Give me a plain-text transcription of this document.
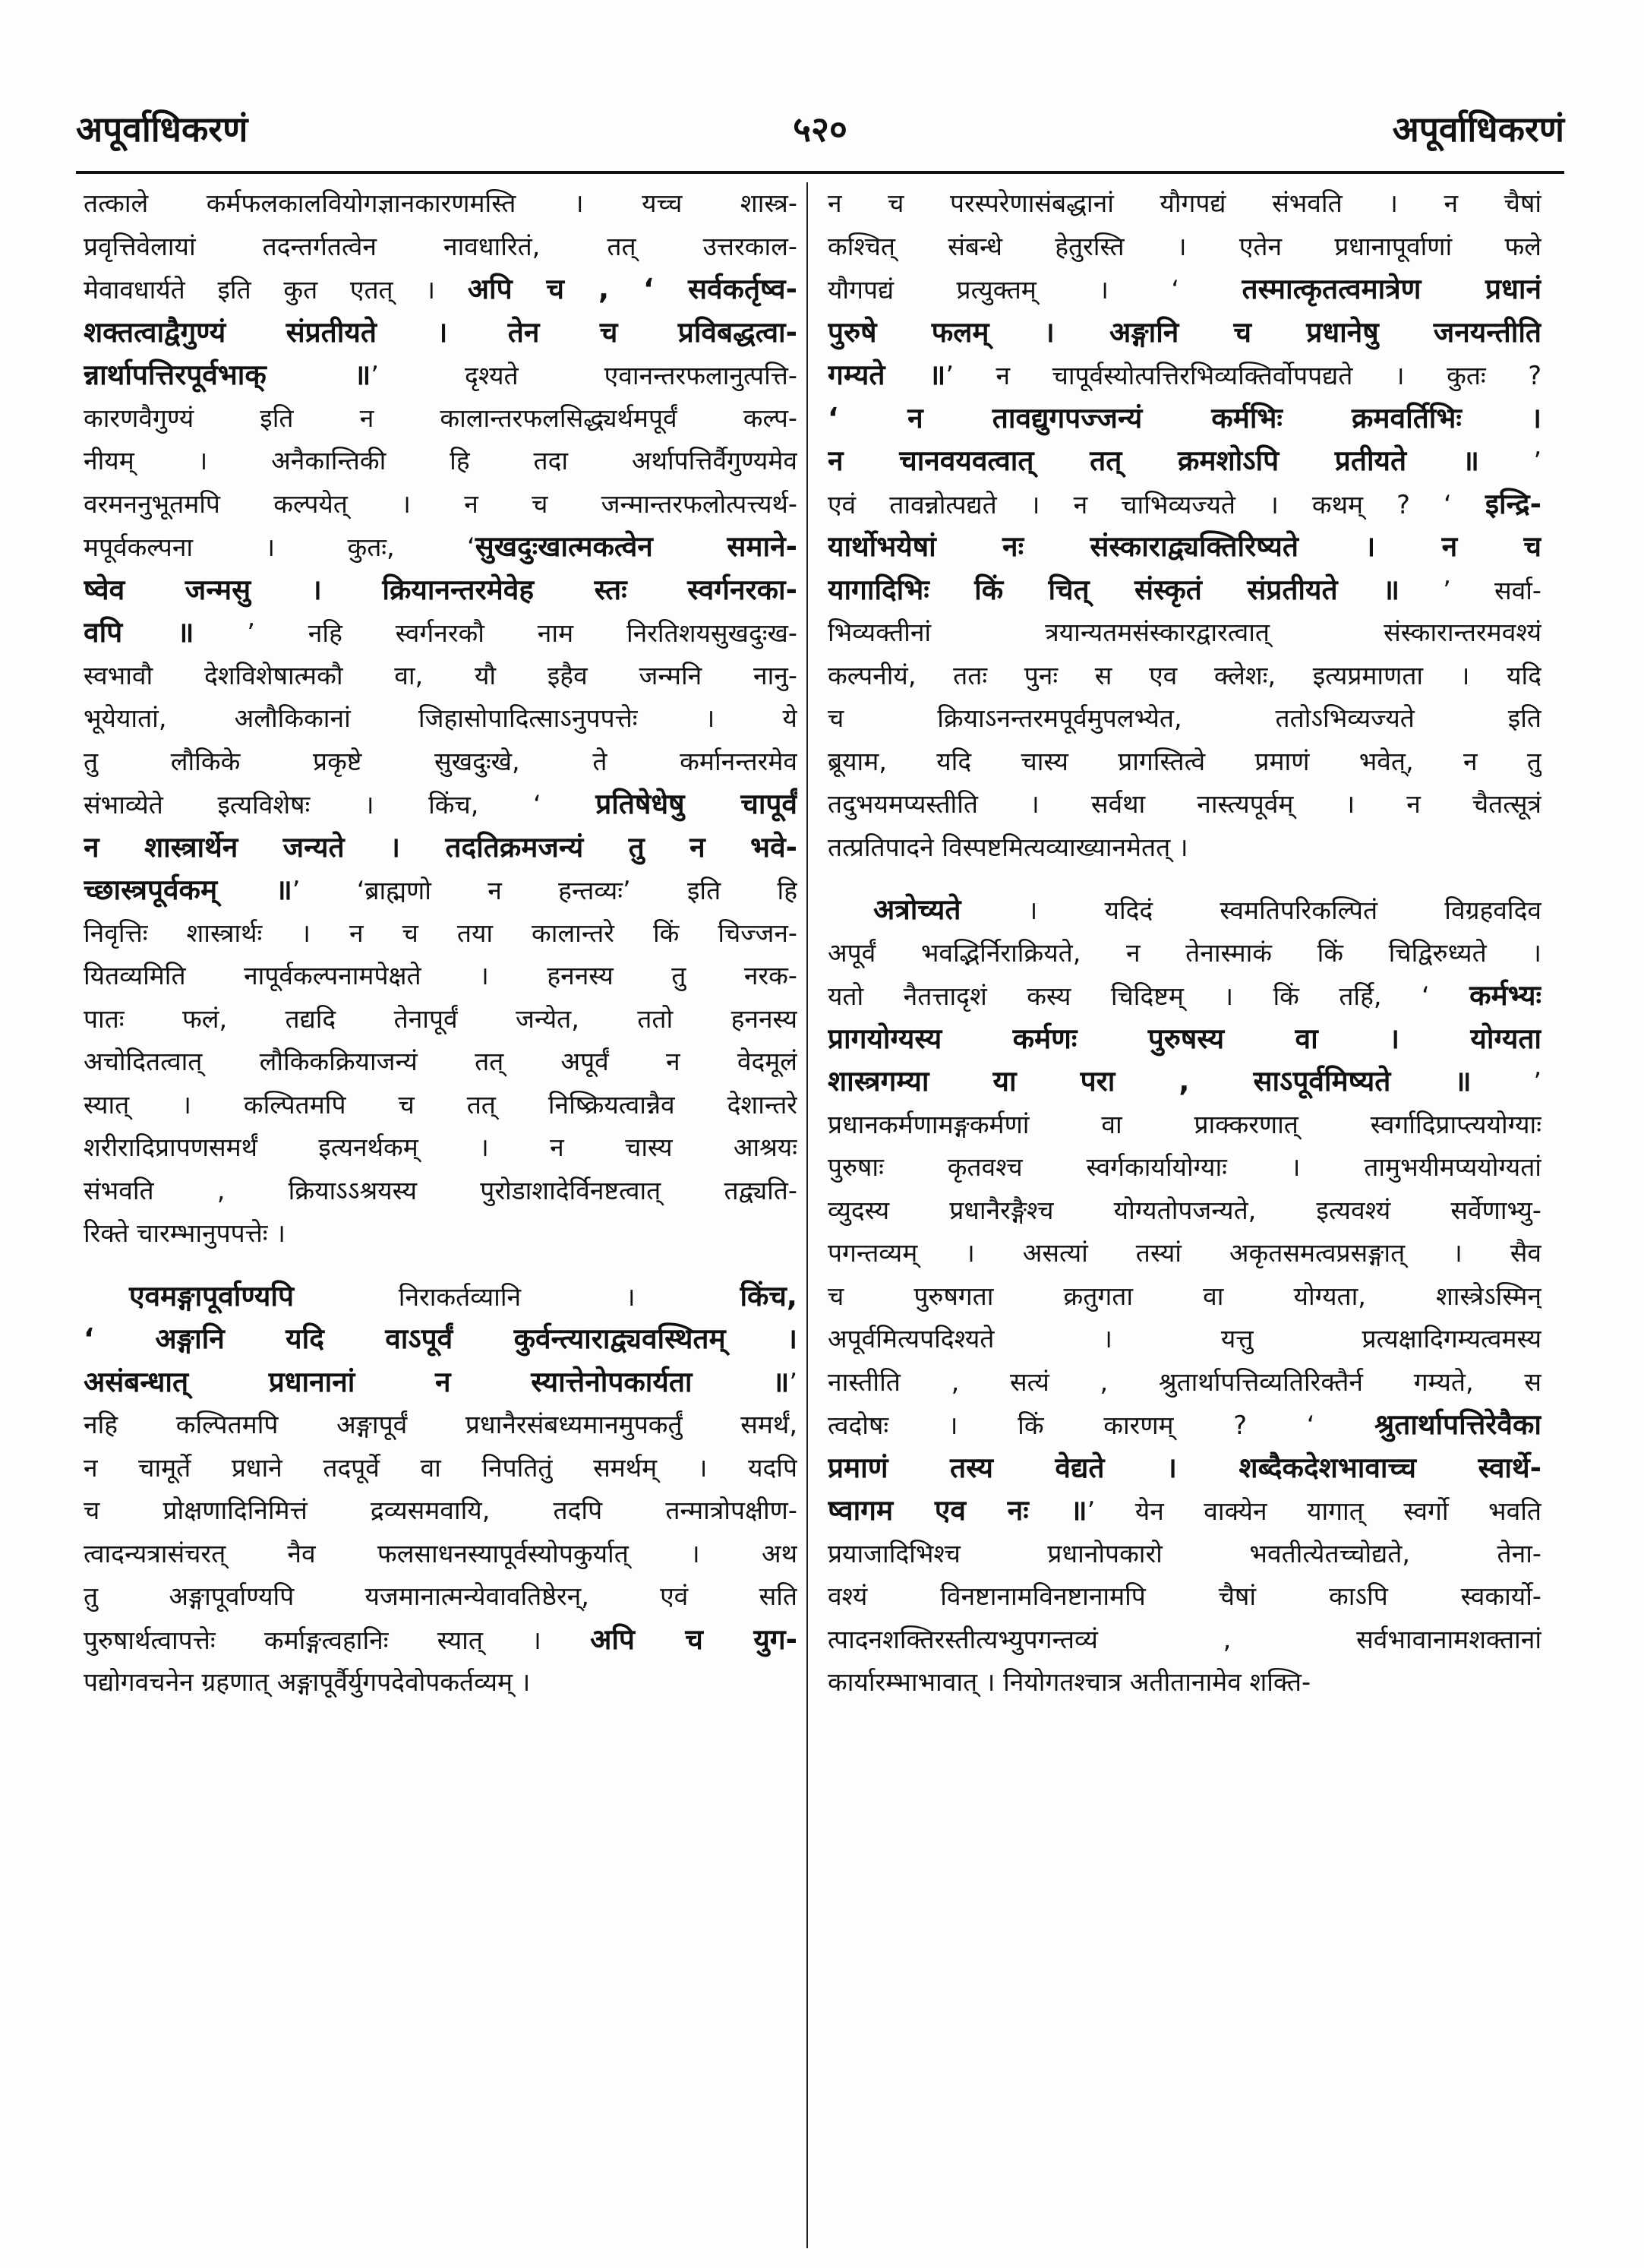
अपूर्वाधिकरणं	५२०	अपूर्वाधिकरणं
तत्काले कर्मफलकालवियोगज्ञानकारणमस्ति । यच्च शास्त्र-
प्रवृत्तिवेलायां तदन्तर्गतत्वेन नावधारितं, तत् उत्तरकाल-
मेवावधार्यते इति कुत एतत् । अपि च , ‘ सर्वकर्तृष्व-
शक्तत्वाद्वैगुण्यं संप्रतीयते । तेन च प्रविबद्धत्वा-
न्नार्थापत्तिरपूर्वभाक् ॥’ दृश्यते एवानन्तरफलानुत्पत्ति-
कारणवैगुण्यं इति न कालान्तरफलसिद्ध्यर्थमपूर्वं कल्प-
नीयम् । अनैकान्तिकी हि तदा अर्थापत्तिर्वैगुण्यमेव
वरमननुभूतमपि कल्पयेत् । न च जन्मान्तरफलोत्पत्त्यर्थ-
मपूर्वकल्पना । कुतः, ‘सुखदुःखात्मकत्वेन समाने-
ष्वेव जन्मसु । क्रियानन्तरमेवेह स्तः स्वर्गनरका-
वपि ॥ ’ नहि स्वर्गनरकौ नाम निरतिशयसुखदुःख-
स्वभावौ देशविशेषात्मकौ वा, यौ इहैव जन्मनि नानु-
भूयेयातां, अलौकिकानां जिहासोपादित्साऽनुपपत्तेः । ये
तु लौकिके प्रकृष्टे सुखदुःखे, ते कर्मानन्तरमेव
संभाव्येते इत्यविशेषः । किंच, ‘ प्रतिषेधेषु चापूर्वं
न शास्त्रार्थेन जन्यते । तदतिक्रमजन्यं तु न भवे-
च्छास्त्रपूर्वकम् ॥’ ‘ब्राह्मणो न हन्तव्यः’ इति हि
निवृत्तिः शास्त्रार्थः । न च तया कालान्तरे किं चिज्जन-
यितव्यमिति नापूर्वकल्पनामपेक्षते । हननस्य तु नरक-
पातः फलं, तद्यदि तेनापूर्वं जन्येत, ततो हननस्य
अचोदितत्वात् लौकिकक्रियाजन्यं तत् अपूर्वं न वेदमूलं
स्यात् । कल्पितमपि च तत् निष्क्रियत्वान्नैव देशान्तरे
शरीरादिप्रापणसमर्थं इत्यनर्थकम् । न चास्य आश्रयः
संभवति , क्रियाऽऽश्रयस्य पुरोडाशादेर्विनष्टत्वात् तद्व्यति-
रिक्ते चारम्भानुपपत्तेः ।
एवमङ्गापूर्वाण्यपि निराकर्तव्यानि । किंच,
‘ अङ्गानि यदि वाऽपूर्वं कुर्वन्त्याराद्व्यवस्थितम् ।
असंबन्धात् प्रधानानां न स्यात्तेनोपकार्यता ॥’
नहि कल्पितमपि अङ्गापूर्वं प्रधानैरसंबध्यमानमुपकर्तुं समर्थं,
न चामूर्ते प्रधाने तदपूर्वे वा निपतितुं समर्थम् । यदपि
च प्रोक्षणादिनिमित्तं द्रव्यसमवायि, तदपि तन्मात्रोपक्षीण-
त्वादन्यत्रासंचरत् नैव फलसाधनस्यापूर्वस्योपकुर्यात् । अथ
तु अङ्गापूर्वाण्यपि यजमानात्मन्येवावतिष्ठेरन्, एवं सति
पुरुषार्थत्वापत्तेः कर्माङ्गत्वहानिः स्यात् । अपि च युग-
पद्योगवचनेन ग्रहणात् अङ्गापूर्वैर्युगपदेवोपकर्तव्यम् ।
न च परस्परेणासंबद्धानां यौगपद्यं संभवति । न चैषां
कश्चित् संबन्धे हेतुरस्ति । एतेन प्रधानापूर्वाणां फले
यौगपद्यं प्रत्युक्तम् । ‘ तस्मात्कृतत्वमात्रेण प्रधानं
पुरुषे फलम् । अङ्गानि च प्रधानेषु जनयन्तीति
गम्यते ॥’ न चापूर्वस्योत्पत्तिरभिव्यक्तिर्वोपपद्यते । कुतः ?
‘ न तावद्युगपज्जन्यं कर्मभिः क्रमवर्तिभिः ।
न चानवयवत्वात् तत् क्रमशोऽपि प्रतीयते ॥ ’
एवं तावन्नोत्पद्यते । न चाभिव्यज्यते । कथम् ? ‘ इन्द्रि-
यार्थोभयेषां नः संस्काराद्व्यक्तिरिष्यते । न च
यागादिभिः किं चित् संस्कृतं संप्रतीयते ॥ ’ सर्वा-
भिव्यक्तीनां त्रयान्यतमसंस्कारद्वारत्वात् संस्कारान्तरमवश्यं
कल्पनीयं, ततः पुनः स एव क्लेशः, इत्यप्रमाणता । यदि
च क्रियाऽनन्तरमपूर्वमुपलभ्येत, ततोऽभिव्यज्यते इति
ब्रूयाम, यदि चास्य प्रागस्तित्वे प्रमाणं भवेत्, न तु
तदुभयमप्यस्तीति । सर्वथा नास्त्यपूर्वम् । न चैतत्सूत्रं
तत्प्रतिपादने विस्पष्टमित्यव्याख्यानमेतत् ।
अत्रोच्यते । यदिदं स्वमतिपरिकल्पितं विग्रहवदिव
अपूर्वं भवद्भिर्निराक्रियते, न तेनास्माकं किं चिद्विरुध्यते ।
यतो नैतत्तादृशं कस्य चिदिष्टम् । किं तर्हि, ‘ कर्मभ्यः
प्रागयोग्यस्य कर्मणः पुरुषस्य वा । योग्यता
शास्त्रगम्या या परा , साऽपूर्वमिष्यते ॥ ’
प्रधानकर्मणामङ्गकर्मणां वा प्राक्करणात् स्वर्गादिप्राप्त्ययोग्याः
पुरुषाः कृतवश्च स्वर्गकार्यायोग्याः । तामुभयीमप्ययोग्यतां
व्युदस्य प्रधानैरङ्गैश्च योग्यतोपजन्यते, इत्यवश्यं सर्वेणाभ्यु-
पगन्तव्यम् । असत्यां तस्यां अकृतसमत्वप्रसङ्गात् । सैव
च पुरुषगता क्रतुगता वा योग्यता, शास्त्रेऽस्मिन्
अपूर्वमित्यपदिश्यते । यत्तु प्रत्यक्षादिगम्यत्वमस्य
नास्तीति , सत्यं , श्रुतार्थापत्तिव्यतिरिक्तैर्न गम्यते, स
त्वदोषः । किं कारणम् ? ‘ श्रुतार्थापत्तिरेवैका
प्रमाणं तस्य वेद्यते । शब्दैकदेशभावाच्च स्वार्थे-
ष्वागम एव नः ॥’ येन वाक्येन यागात् स्वर्गो भवति
प्रयाजादिभिश्च प्रधानोपकारो भवतीत्येतच्चोद्यते, तेना-
वश्यं विनष्टानामविनष्टानामपि चैषां काऽपि स्वकार्यो-
त्पादनशक्तिरस्तीत्यभ्युपगन्तव्यं , सर्वभावानामशक्तानां
कार्यारम्भाभावात् । नियोगतश्चात्र अतीतानामेव शक्ति-
